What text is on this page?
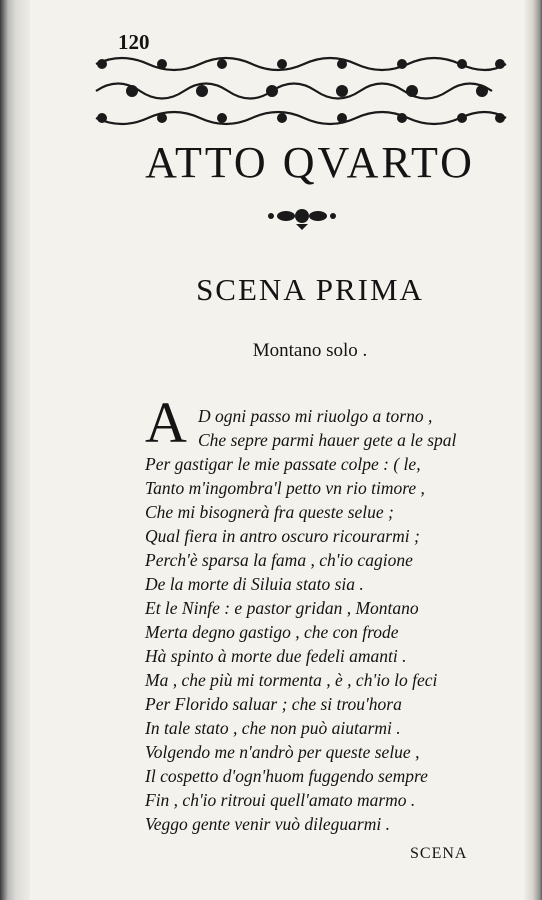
120
ATTO QVARTO
SCENA PRIMA
Montano solo .
A D ogni passo mi riuolgo a torno ,
Che sepre parmi hauer gete a le spal
Per gastigar le mie passate colpe : ( le,
Tanto m'ingombra'l petto vn rio timore ,
Che mi bisognerà fra queste selue ;
Qual fiera in antro oscuro ricourarmi ;
Perch'è sparsa la fama , ch'io cagione
De la morte di Siluia stato sia .
Et le Ninfe : e pastor gridan , Montano
Merta degno gastigo , che con frode
Hà spinto à morte due fedeli amanti .
Ma , che più mi tormenta , è , ch'io lo feci
Per Florido saluar ; che si trou'hora
In tale stato , che non può aiutarmi .
Volgendo me n'andrò per queste selue ,
Il cospetto d'ogn'huom fuggendo sempre
Fin , ch'io ritroui quell'amato marmo .
Veggo gente venir vuò dileguarmi .
SCENA
